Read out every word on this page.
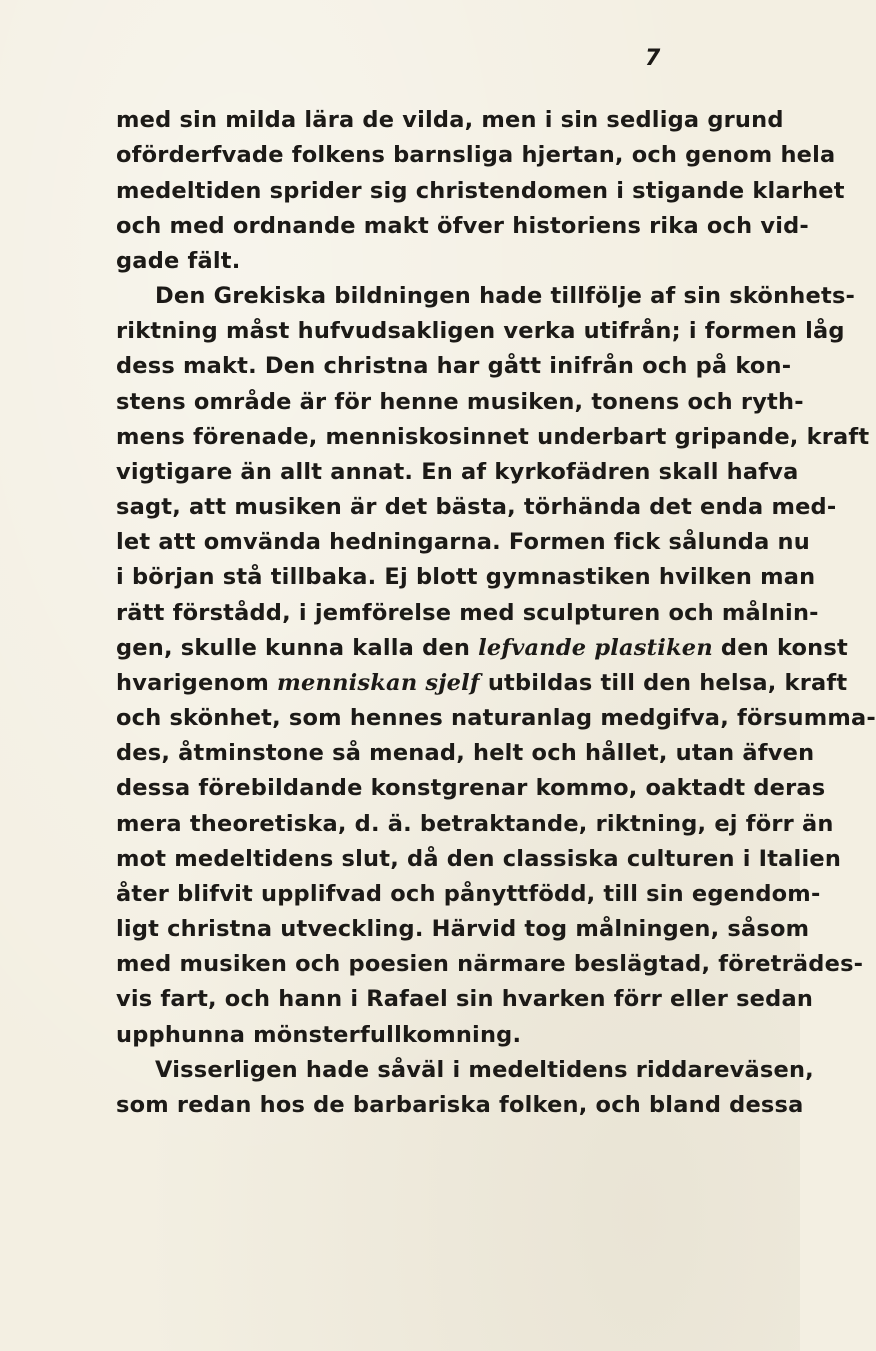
7
med sin milda lära de vilda, men i sin sedliga grund
oförderfvade folkens barnsliga hjertan, och genom hela
medeltiden sprider sig christendomen i stigande klarhet
och med ordnande makt öfver historiens rika och vid-
gade fält.
Den Grekiska bildningen hade tillfölje af sin skönhets-
riktning måst hufvudsakligen verka utifrån; i formen låg
dess makt. Den christna har gått inifrån och på kon-
stens område är för henne musiken, tonens och ryth-
mens förenade, menniskosinnet underbart gripande, kraft
vigtigare än allt annat. En af kyrkofädren skall hafva
sagt, att musiken är det bästa, törhända det enda med-
let att omvända hedningarna. Formen fick sålunda nu
i början stå tillbaka. Ej blott gymnastiken hvilken man
rätt förstådd, i jemförelse med sculpturen och målnin-
gen, skulle kunna kalla den lefvande plastiken den konst
hvarigenom menniskan sjelf utbildas till den helsa, kraft
och skönhet, som hennes naturanlag medgifva, försumma-
des, åtminstone så menad, helt och hållet, utan äfven
dessa förebildande konstgrenar kommo, oaktadt deras
mera theoretiska, d. ä. betraktande, riktning, ej förr än
mot medeltidens slut, då den classiska culturen i Italien
åter blifvit upplifvad och pånyttfödd, till sin egendom-
ligt christna utveckling. Härvid tog målningen, såsom
med musiken och poesien närmare beslägtad, företrädes-
vis fart, och hann i Rafael sin hvarken förr eller sedan
upphunna mönsterfullkomning.
Visserligen hade såväl i medeltidens riddareväsen,
som redan hos de barbariska folken, och bland dessa
